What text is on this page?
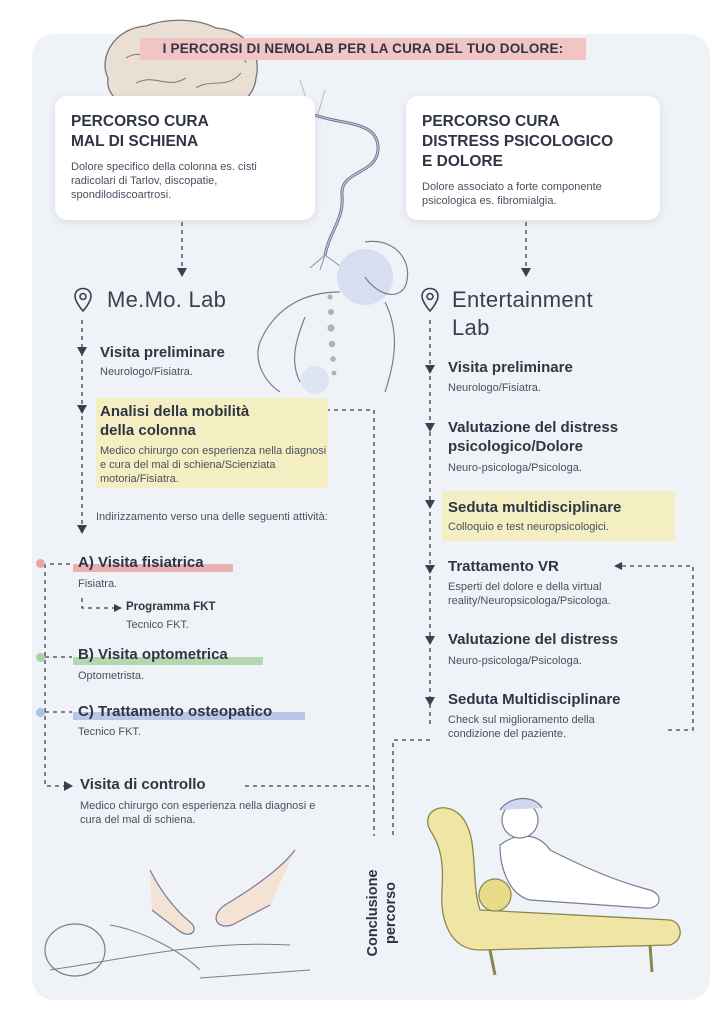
I PERCORSI DI NEMOLAB PER LA CURA DEL TUO DOLORE:
PERCORSO CURA
MAL DI SCHIENA

Dolore specifico della colonna es. cisti radicolari di Tarlov, discopatie, spondilodiscoartrosi.

PERCORSO CURA
DISTRESS PSICOLOGICO
E DOLORE

Dolore associato a forte componente psicologica es. fibromialgia.

Me.Mo. Lab	Entertainment
Lab
Visita preliminare
Neurologo/Fisiatra.
Analisi della mobilità
della colonna
Medico chirurgo con esperienza nella diagnosi e cura del mal di schiena/Scienziata motoria/Fisiatra.
Indirizzamento verso una delle seguenti attività:
A) Visita fisiatrica
Fisiatra.
Programma FKT
Tecnico FKT.
B) Visita optometrica
Optometrista.
C) Trattamento osteopatico
Tecnico FKT.
Visita di controllo
Medico chirurgo con esperienza nella diagnosi e cura del mal di schiena.
Visita preliminare
Neurologo/Fisiatra.
Valutazione del distress
psicologico/Dolore
Neuro-psicologa/Psicologa.
Seduta multidisciplinare
Colloquio e test neuropsicologici.
Trattamento VR
Esperti del dolore e della virtual reality/Neuropsicologa/Psicologa.
Valutazione del distress
Neuro-psicologa/Psicologa.
Seduta Multidisciplinare
Check sul miglioramento della condizione del paziente.
Conclusione percorso
